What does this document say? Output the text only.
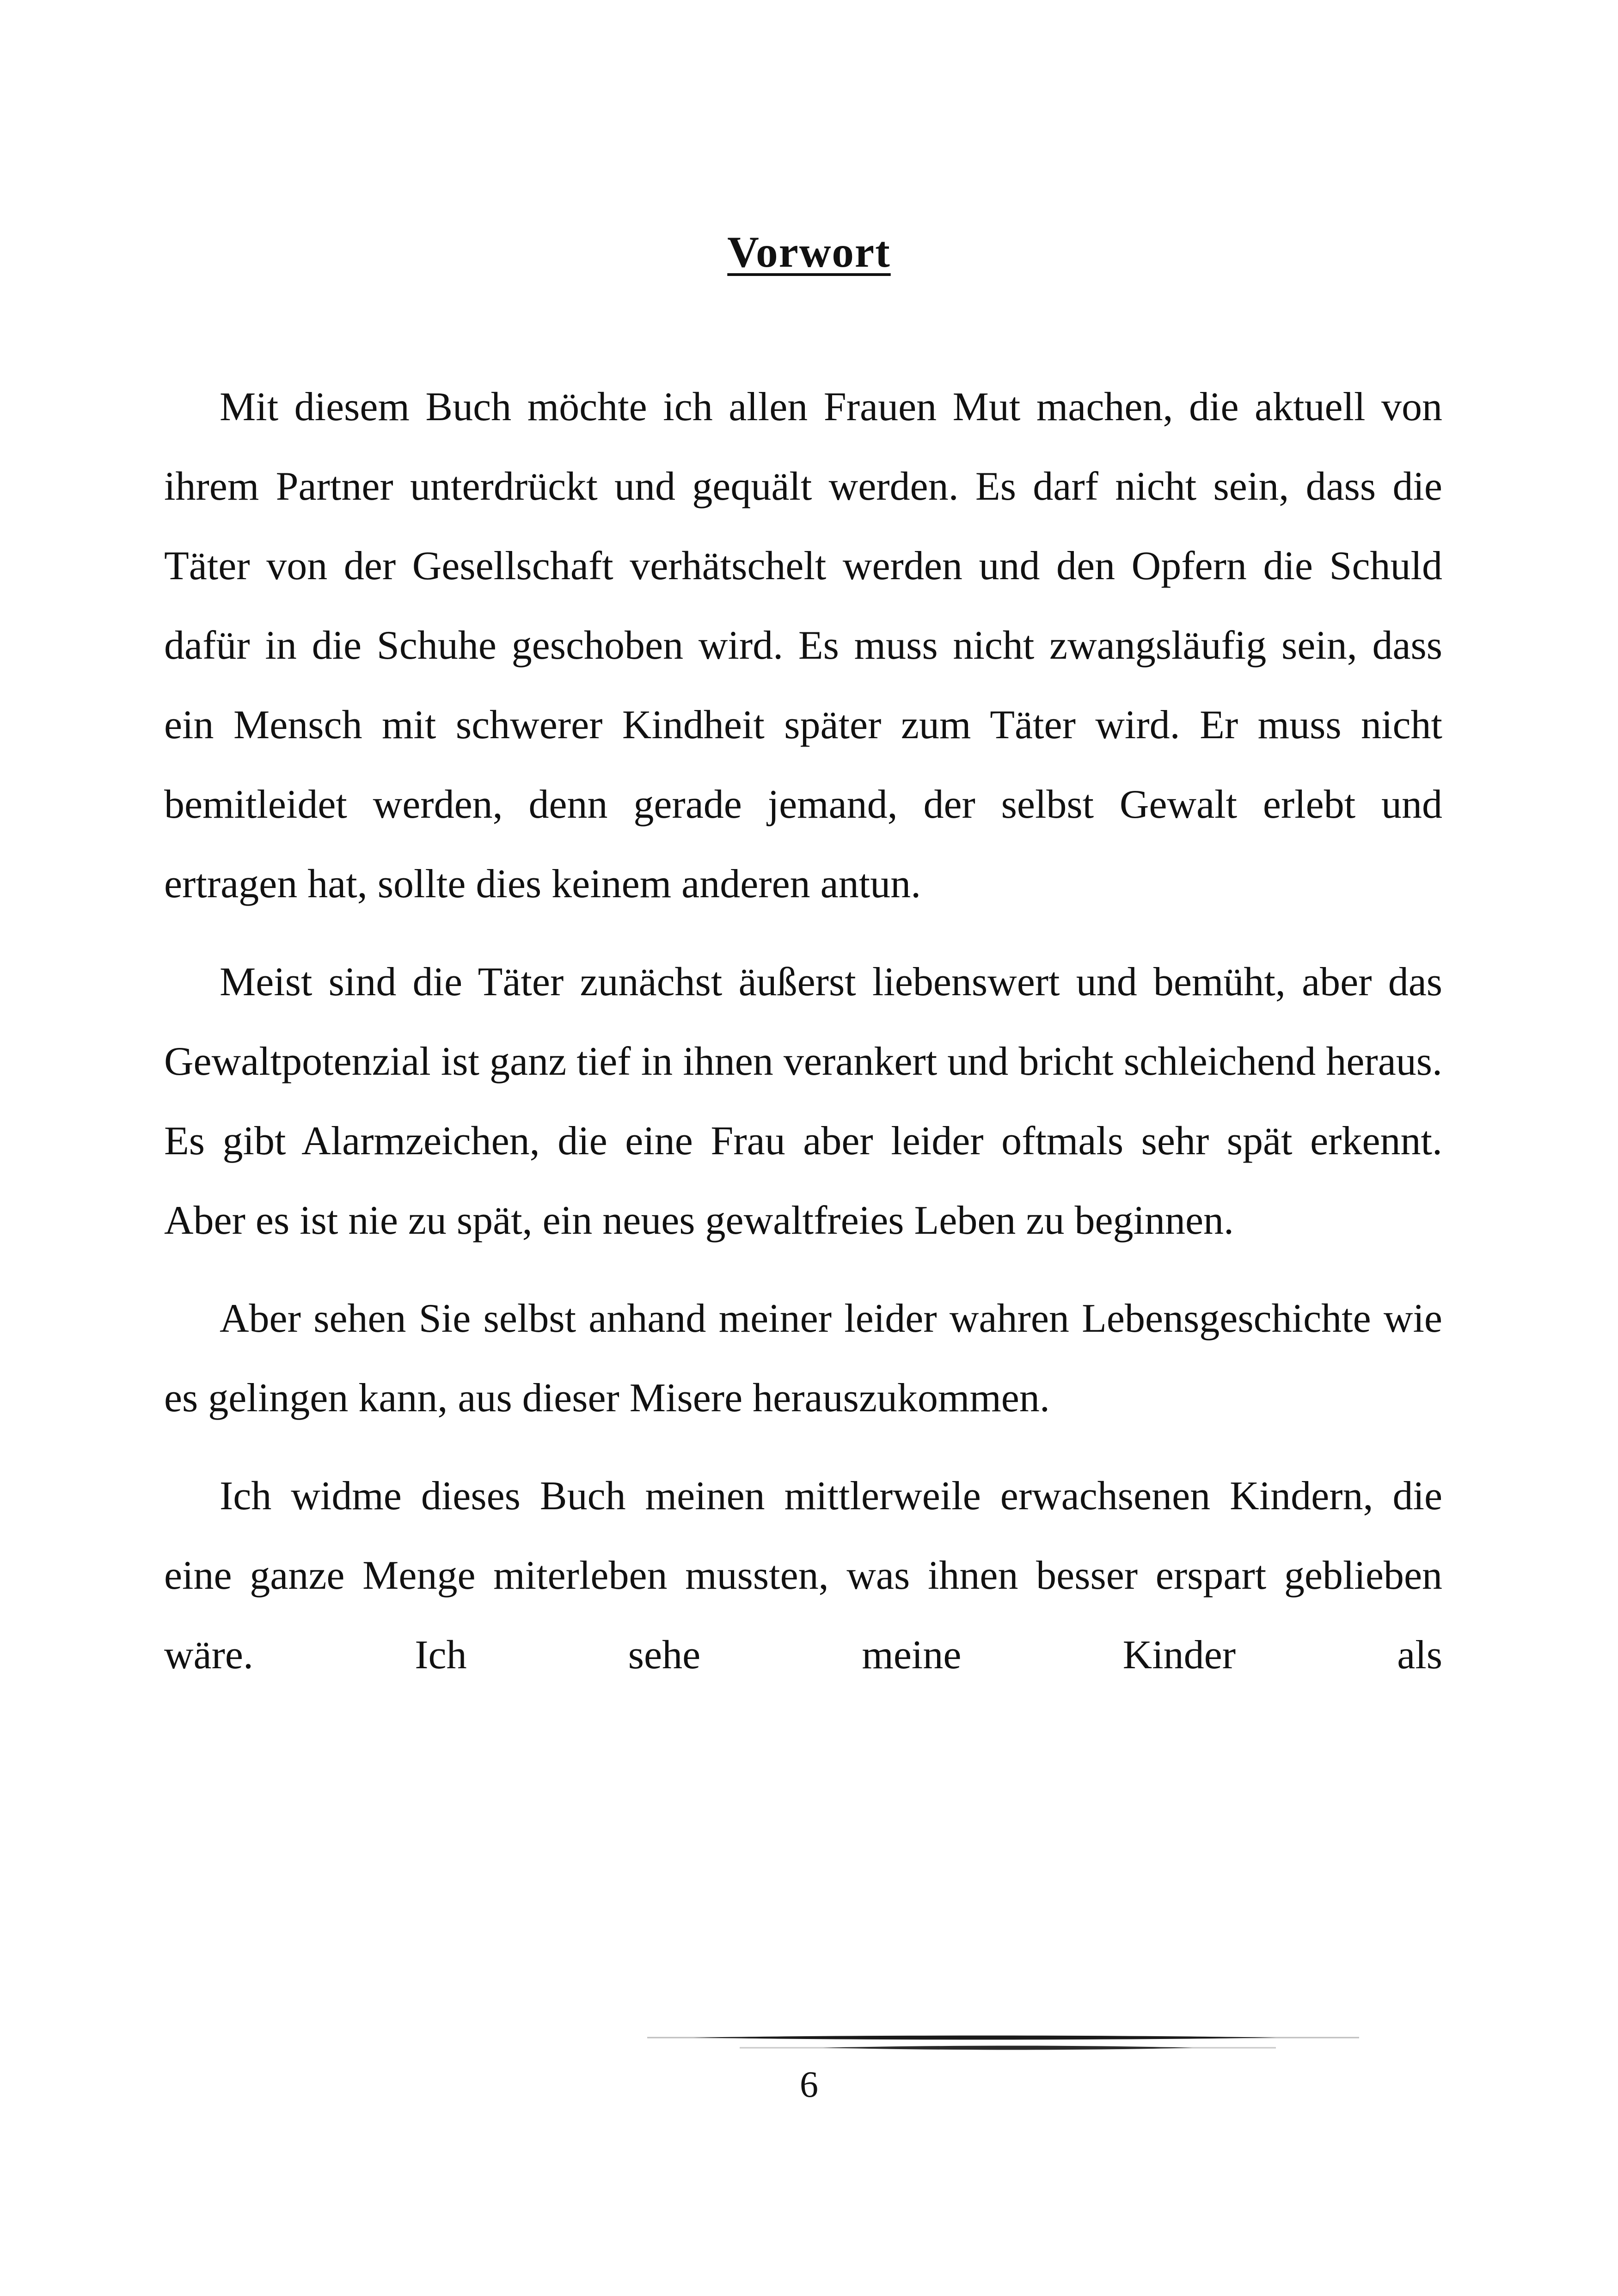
Vorwort

Mit diesem Buch möchte ich allen Frauen Mut machen, die aktuell von ihrem Partner unterdrückt und gequält werden. Es darf nicht sein, dass die Täter von der Gesellschaft verhätschelt werden und den Opfern die Schuld dafür in die Schuhe geschoben wird. Es muss nicht zwangsläufig sein, dass ein Mensch mit schwerer Kindheit später zum Täter wird. Er muss nicht bemitleidet werden, denn gerade jemand, der selbst Gewalt erlebt und ertragen hat, sollte dies keinem anderen antun.

Meist sind die Täter zunächst äußerst liebenswert und bemüht, aber das Gewaltpotenzial ist ganz tief in ihnen verankert und bricht schleichend heraus. Es gibt Alarmzeichen, die eine Frau aber leider oftmals sehr spät erkennt. Aber es ist nie zu spät, ein neues gewaltfreies Leben zu beginnen.

Aber sehen Sie selbst anhand meiner leider wahren Lebensgeschichte wie es gelingen kann, aus dieser Misere herauszukommen.

Ich widme dieses Buch meinen mittlerweile erwachsenen Kindern, die eine ganze Menge miterleben mussten, was ihnen besser erspart geblieben wäre. Ich sehe meine Kinder als

6
